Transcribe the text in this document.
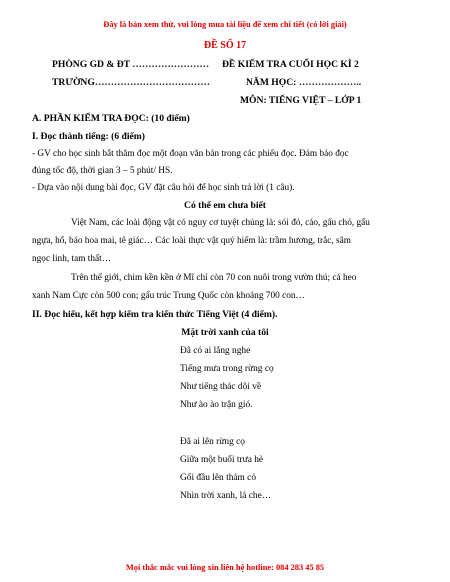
Đây là bản xem thử, vui lòng mua tài liệu để xem chi tiết (có lời giải)
ĐỀ SỐ 17
PHÒNG GD & ĐT ……………………
TRƯỜNG………………………………
ĐỀ KIỂM TRA CUỐI HỌC KÌ 2
NĂM HỌC: ………………..
MÔN: TIẾNG VIỆT – LỚP 1
A. PHẦN KIỂM TRA ĐỌC: (10 điểm)
I. Đọc thành tiếng: (6 điểm)
- GV cho học sinh bắt thăm đọc một đoạn văn bản trong các phiếu đọc. Đảm bảo đọc
đúng tốc độ, thời gian 3 – 5 phút/ HS.
- Dựa vào nội dung bài đọc, GV đặt câu hỏi để học sinh trả lời (1 câu).
Có thể em chưa biết
Việt Nam, các loài động vật có nguy cơ tuyệt chủng là: sói đỏ, cáo, gấu chó, gấu
ngựa, hổ, báo hoa mai, tê giác… Các loài thực vật quý hiếm là: trầm hương, trắc, sâm
ngọc linh, tam thất…
Trên thế giới, chim kền kền ở Mĩ chỉ còn 70 con nuôi trong vườn thú; cá heo
xanh Nam Cực còn 500 con; gấu trúc Trung Quốc còn khoảng 700 con…
II. Đọc hiểu, kết hợp kiểm tra kiến thức Tiếng Việt (4 điểm).
Mặt trời xanh của tôi
Đã có ai lắng nghe
Tiếng mưa trong rừng cọ
Như tiếng thác dội về
Như ào ào trận gió.
Đã ai lên rừng cọ
Giữa một buổi trưa hè
Gối đầu lên thảm cỏ
Nhìn trời xanh, lá che…
Mọi thắc mắc vui lòng xin liên hệ hotline: 084 283 45 85
